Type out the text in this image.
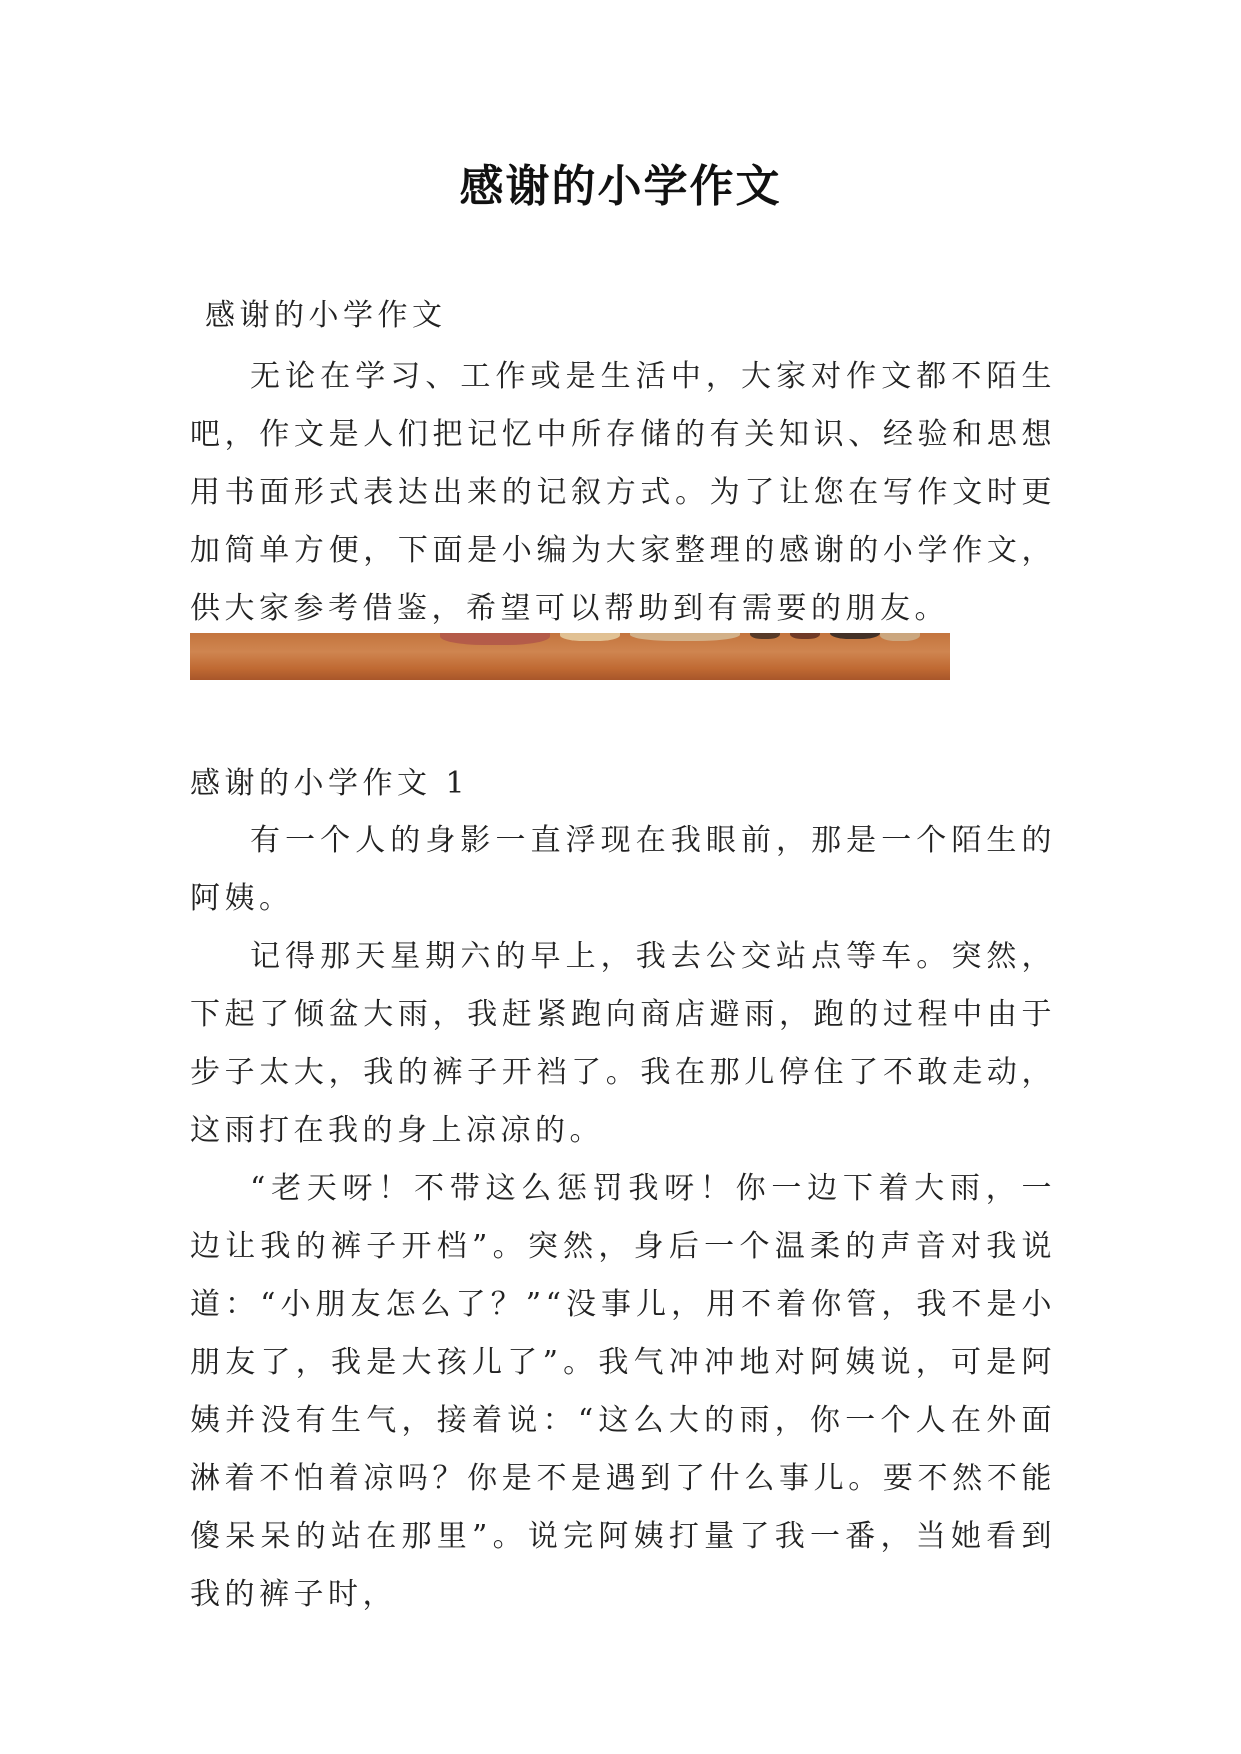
感谢的小学作文
感谢的小学作文

无论在学习、工作或是生活中，大家对作文都不陌生吧，作文是人们把记忆中所存储的有关知识、经验和思想用书面形式表达出来的记叙方式。为了让您在写作文时更加简单方便，下面是小编为大家整理的感谢的小学作文，供大家参考借鉴，希望可以帮助到有需要的朋友。

感谢的小学作文 1

有一个人的身影一直浮现在我眼前，那是一个陌生的阿姨。

记得那天星期六的早上，我去公交站点等车。突然，下起了倾盆大雨，我赶紧跑向商店避雨，跑的过程中由于步子太大，我的裤子开裆了。我在那儿停住了不敢走动，这雨打在我的身上凉凉的。

“老天呀！不带这么惩罚我呀！你一边下着大雨，一边让我的裤子开档”。突然，身后一个温柔的声音对我说道：“小朋友怎么了？”“没事儿，用不着你管，我不是小朋友了，我是大孩儿了”。我气冲冲地对阿姨说，可是阿姨并没有生气，接着说：“这么大的雨，你一个人在外面淋着不怕着凉吗？你是不是遇到了什么事儿。要不然不能傻呆呆的站在那里”。说完阿姨打量了我一番，当她看到我的裤子时，
